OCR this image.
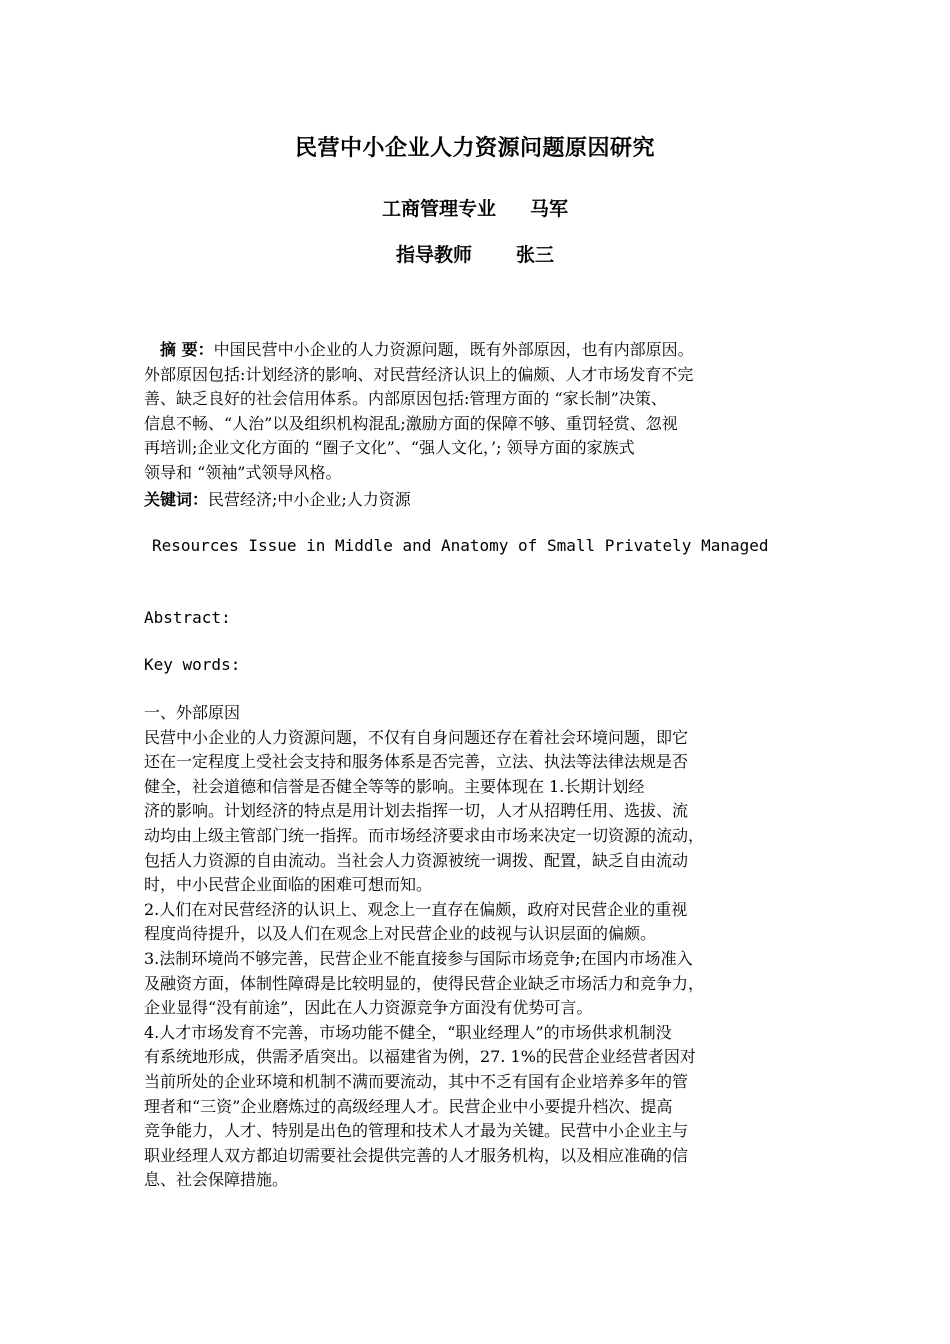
民营中小企业人力资源问题原因研究
工商管理专业 马军
指导教师 张三
 摘 要：中国民营中小企业的人力资源问题，既有外部原因，也有内部原因。
外部原因包括:计划经济的影响、对民营经济认识上的偏颇、人才市场发育不完
善、缺乏良好的社会信用体系。内部原因包括:管理方面的 “家长制”决策、
信息不畅、“人治”以及组织机构混乱;激励方面的保障不够、重罚轻赏、忽视
再培训;企业文化方面的 “圈子文化”、“强人文化，’; 领导方面的家族式
领导和 “领袖”式领导风格。
关键词：民营经济;中小企业;人力资源
Resources Issue in Middle and Anatomy of Small Privately Managed
Abstract:
Key words:
一、外部原因
民营中小企业的人力资源问题，不仅有自身问题还存在着社会环境问题，即它
还在一定程度上受社会支持和服务体系是否完善，立法、执法等法律法规是否
健全，社会道德和信誉是否健全等等的影响。主要体现在 1.长期计划经
济的影响。计划经济的特点是用计划去指挥一切，人才从招聘任用、选拔、流
动均由上级主管部门统一指挥。而市场经济要求由市场来决定一切资源的流动，
包括人力资源的自由流动。当社会人力资源被统一调拨、配置，缺乏自由流动
时，中小民营企业面临的困难可想而知。
2.人们在对民营经济的认识上、观念上一直存在偏颇，政府对民营企业的重视
程度尚待提升，以及人们在观念上对民营企业的歧视与认识层面的偏颇。
3.法制环境尚不够完善，民营企业不能直接参与国际市场竞争;在国内市场准入
及融资方面，体制性障碍是比较明显的，使得民营企业缺乏市场活力和竞争力，
企业显得“没有前途”，因此在人力资源竞争方面没有优势可言。
4.人才市场发育不完善，市场功能不健全，“职业经理人”的市场供求机制没
有系统地形成，供需矛盾突出。以福建省为例，27. 1%的民营企业经营者因对
当前所处的企业环境和机制不满而要流动，其中不乏有国有企业培养多年的管
理者和“三资”企业磨炼过的高级经理人才。民营企业中小要提升档次、提高
竞争能力，人才、特别是出色的管理和技术人才最为关键。民营中小企业主与
职业经理人双方都迫切需要社会提供完善的人才服务机构，以及相应准确的信
息、社会保障措施。
